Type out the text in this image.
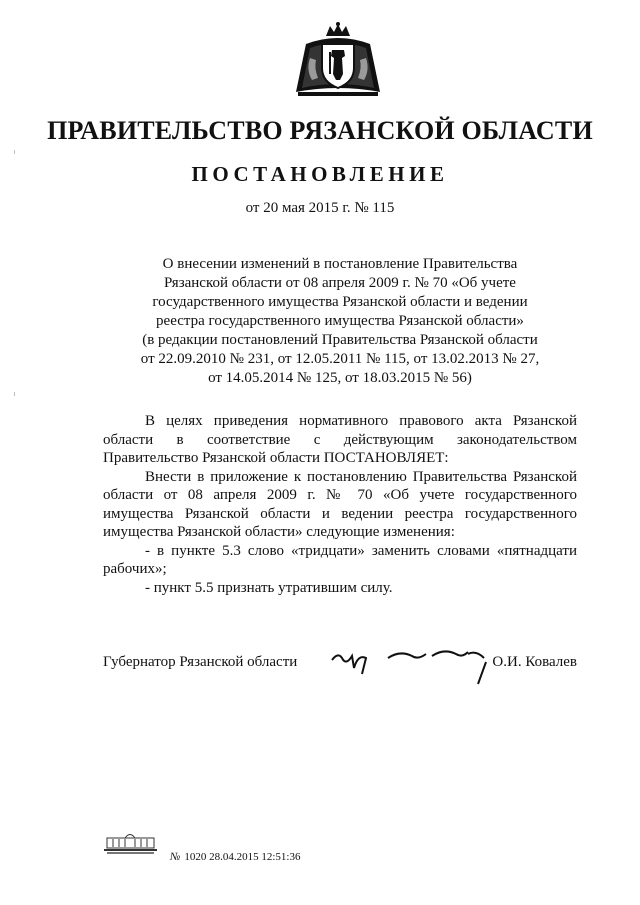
ПРАВИТЕЛЬСТВО РЯЗАНСКОЙ ОБЛАСТИ
ПОСТАНОВЛЕНИЕ
от 20 мая 2015 г. № 115
О внесении изменений в постановление Правительства
Рязанской области от 08 апреля 2009 г. № 70 «Об учете
государственного имущества Рязанской области и ведении
реестра государственного имущества Рязанской области»
(в редакции постановлений Правительства Рязанской области
от 22.09.2010 № 231, от 12.05.2011 № 115, от 13.02.2013 № 27,
от 14.05.2014 № 125, от 18.03.2015 № 56)

В целях приведения нормативного правового акта Рязанской области в соответствие с действующим законодательством Правительство Рязанской области ПОСТАНОВЛЯЕТ:

Внести в приложение к постановлению Правительства Рязанской области от 08 апреля 2009 г. № 70 «Об учете государственного имущества Рязанской области и ведении реестра государственного имущества Рязанской области» следующие изменения:

- в пункте 5.3 слово «тридцати» заменить словами «пятнадцати рабочих»;

- пункт 5.5 признать утратившим силу.

Губернатор Рязанской области	О.И. Ковалев
№ 1020 28.04.2015 12:51:36
